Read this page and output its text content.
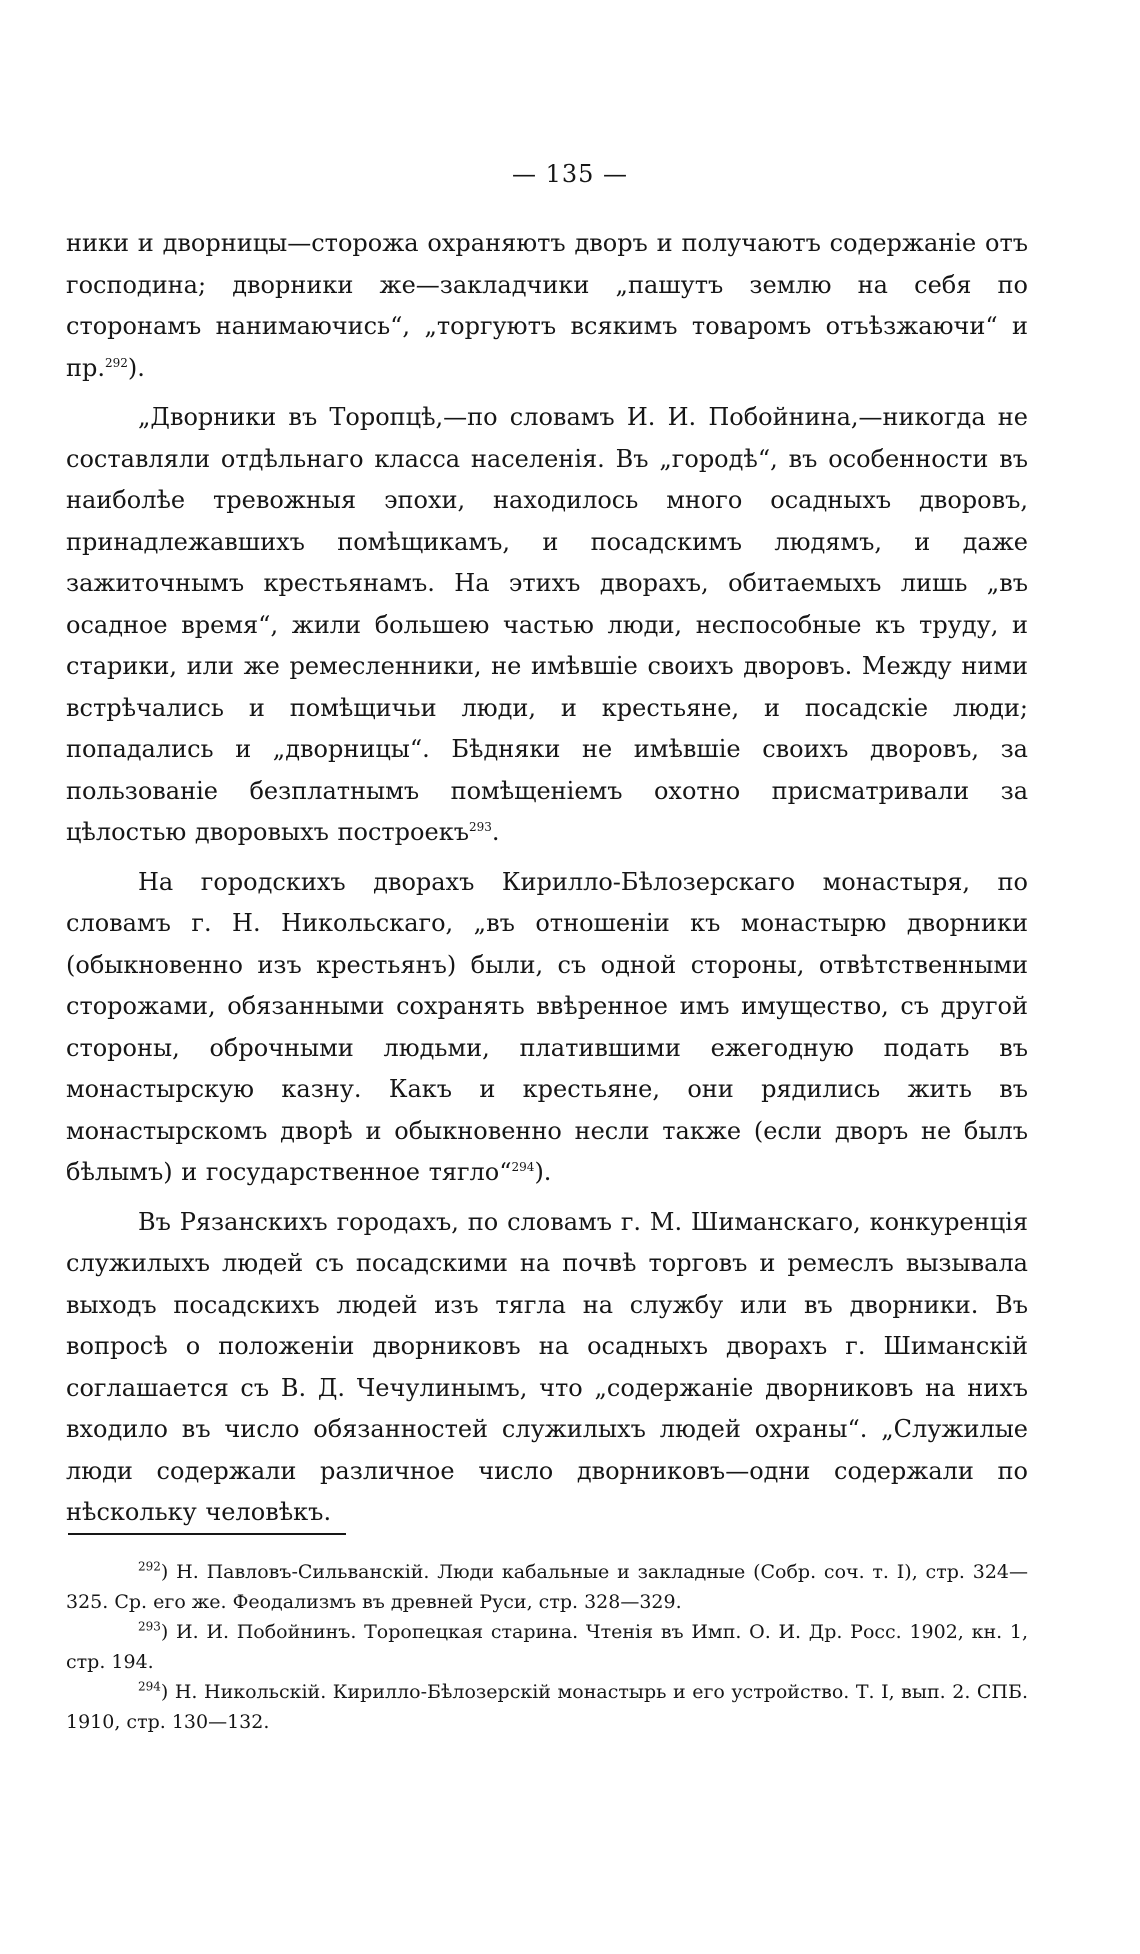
— 135 —

ники и дворницы—сторожа охраняютъ дворъ и получаютъ содержаніе отъ господина; дворники же—закладчики „пашутъ землю на себя по сторонамъ нанимаючись“, „торгуютъ всякимъ товаромъ отъѣзжаючи“ и пр.$^{292}$).

„Дворники въ Торопцѣ,—по словамъ И. И. Побойнина,—никогда не составляли отдѣльнаго класса населенія. Въ „городѣ“, въ особенности въ наиболѣе тревожныя эпохи, находилось много осадныхъ дворовъ, принадлежавшихъ помѣщикамъ, и посадскимъ людямъ, и даже зажиточнымъ крестьянамъ. На этихъ дворахъ, обитаемыхъ лишь „въ осадное время“, жили большею частью люди, неспособные къ труду, и старики, или же ремесленники, не имѣвшіе своихъ дворовъ. Между ними встрѣчались и помѣщичьи люди, и крестьяне, и посадскіе люди; попадались и „дворницы“. Бѣдняки не имѣвшіе своихъ дворовъ, за пользованіе безплатнымъ помѣщеніемъ охотно присматривали за цѣлостью дворовыхъ построекъ$^{293}$.

На городскихъ дворахъ Кирилло-Бѣлозерскаго монастыря, по словамъ г. Н. Никольскаго, „въ отношеніи къ монастырю дворники (обыкновенно изъ крестьянъ) были, съ одной стороны, отвѣтственными сторожами, обязанными сохранять ввѣренное имъ имущество, съ другой стороны, оброчными людьми, платившими ежегодную подать въ монастырскую казну. Какъ и крестьяне, они рядились жить въ монастырскомъ дворѣ и обыкновенно несли также (если дворъ не былъ бѣлымъ) и государственное тягло“$^{294}$).

Въ Рязанскихъ городахъ, по словамъ г. М. Шиманскаго, конкуренція служилыхъ людей съ посадскими на почвѣ торговъ и ремеслъ вызывала выходъ посадскихъ людей изъ тягла на службу или въ дворники. Въ вопросѣ о положеніи дворниковъ на осадныхъ дворахъ г. Шиманскій соглашается съ В. Д. Чечулинымъ, что „содержаніе дворниковъ на нихъ входило въ число обязанностей служилыхъ людей охраны“. „Служилые люди содержали различное число дворниковъ—одни содержали по нѣскольку человѣкъ.

$^{292}$) Н. Павловъ-Сильванскій. Люди кабальные и закладные (Собр. соч. т. I), стр. 324—325. Ср. его же. Феодализмъ въ древней Руси, стр. 328—329.

$^{293}$) И. И. Побойнинъ. Торопецкая старина. Чтенія въ Имп. О. И. Др. Росс. 1902, кн. 1, стр. 194.

$^{294}$) Н. Никольскій. Кирилло-Бѣлозерскій монастырь и его устройство. Т. I, вып. 2. СПБ. 1910, стр. 130—132.
